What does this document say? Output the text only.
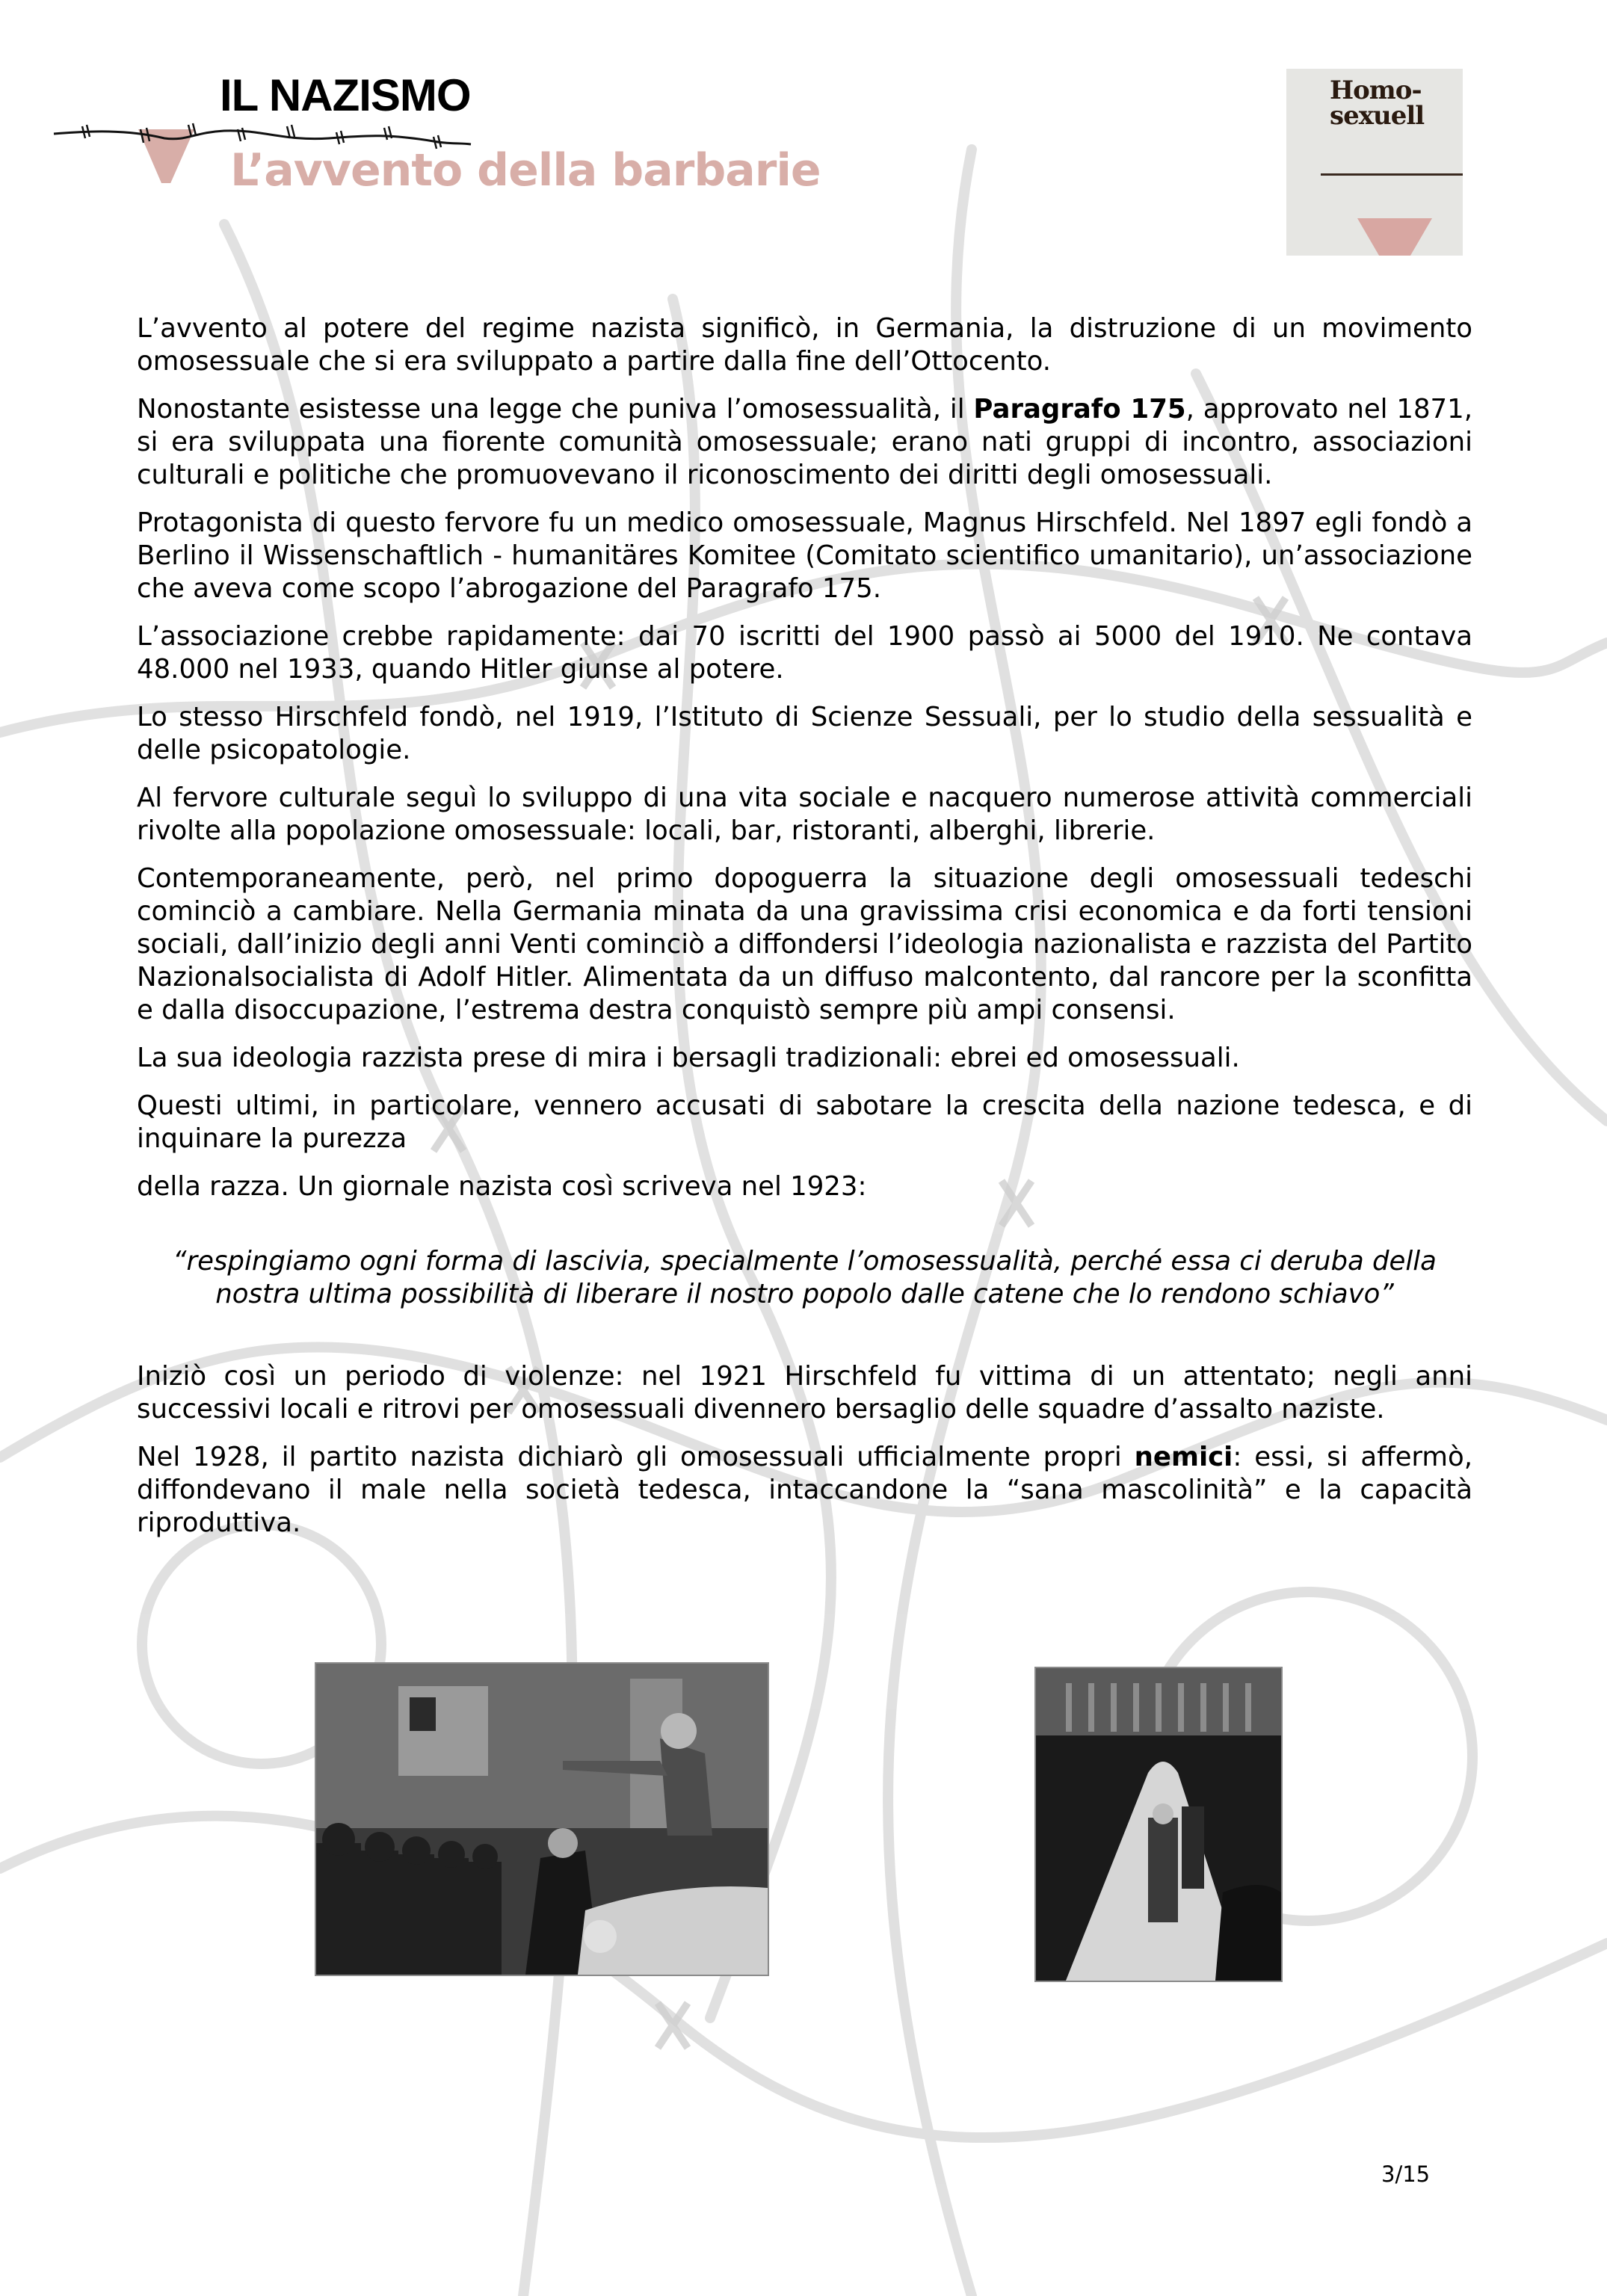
IL NAZISMO
L’avvento della barbarie
Homo-
sexuell

L’avvento al potere del regime nazista significò, in Germania, la distruzione di un movimento omosessuale che si era sviluppato a partire dalla fine dell’Ottocento.

Nonostante esistesse una legge che puniva l’omosessualità, il Paragrafo 175, approvato nel 1871, si era sviluppata una fiorente comunità omosessuale; erano nati gruppi di incontro, associazioni culturali e politiche che promuovevano il riconoscimento dei diritti degli omosessuali.

Protagonista di questo fervore fu un medico omosessuale, Magnus Hirschfeld. Nel 1897 egli fondò a Berlino il Wissenschaftlich - humanitäres Komitee (Comitato scientifico umanitario), un’associazione che aveva come scopo l’abrogazione del Paragrafo 175.

L’associazione crebbe rapidamente: dai 70 iscritti del 1900 passò ai 5000 del 1910. Ne contava 48.000 nel 1933, quando Hitler giunse al potere.

Lo stesso Hirschfeld fondò, nel 1919, l’Istituto di Scienze Sessuali, per lo studio della sessualità e delle psicopatologie.

Al fervore culturale seguì lo sviluppo di una vita sociale e nacquero numerose attività commerciali rivolte alla popolazione omosessuale: locali, bar, ristoranti, alberghi, librerie.

Contemporaneamente, però, nel primo dopoguerra la situazione degli omosessuali tedeschi cominciò a cambiare. Nella Germania minata da una gravissima crisi economica e da forti tensioni sociali, dall’inizio degli anni Venti cominciò a diffondersi l’ideologia nazionalista e razzista del Partito Nazionalsocialista di Adolf Hitler. Alimentata da un diffuso malcontento, dal rancore per la sconfitta e dalla disoccupazione, l’estrema destra conquistò sempre più ampi consensi.

La sua ideologia razzista prese di mira i bersagli tradizionali: ebrei ed omosessuali.

Questi ultimi, in particolare, vennero accusati di sabotare la crescita della nazione tedesca, e di inquinare la purezza

della razza. Un giornale nazista così scriveva nel 1923:

“respingiamo ogni forma di lascivia, specialmente l’omosessualità, perché essa ci deruba della nostra ultima possibilità di liberare il nostro popolo dalle catene che lo rendono schiavo”

Iniziò così un periodo di violenze: nel 1921 Hirschfeld fu vittima di un attentato; negli anni successivi locali e ritrovi per omosessuali divennero bersaglio delle squadre d’assalto naziste.

Nel 1928, il partito nazista dichiarò gli omosessuali ufficialmente propri nemici: essi, si affermò, diffondevano il male nella società tedesca, intaccandone la “sana mascolinità” e la capacità riproduttiva.

3/15
